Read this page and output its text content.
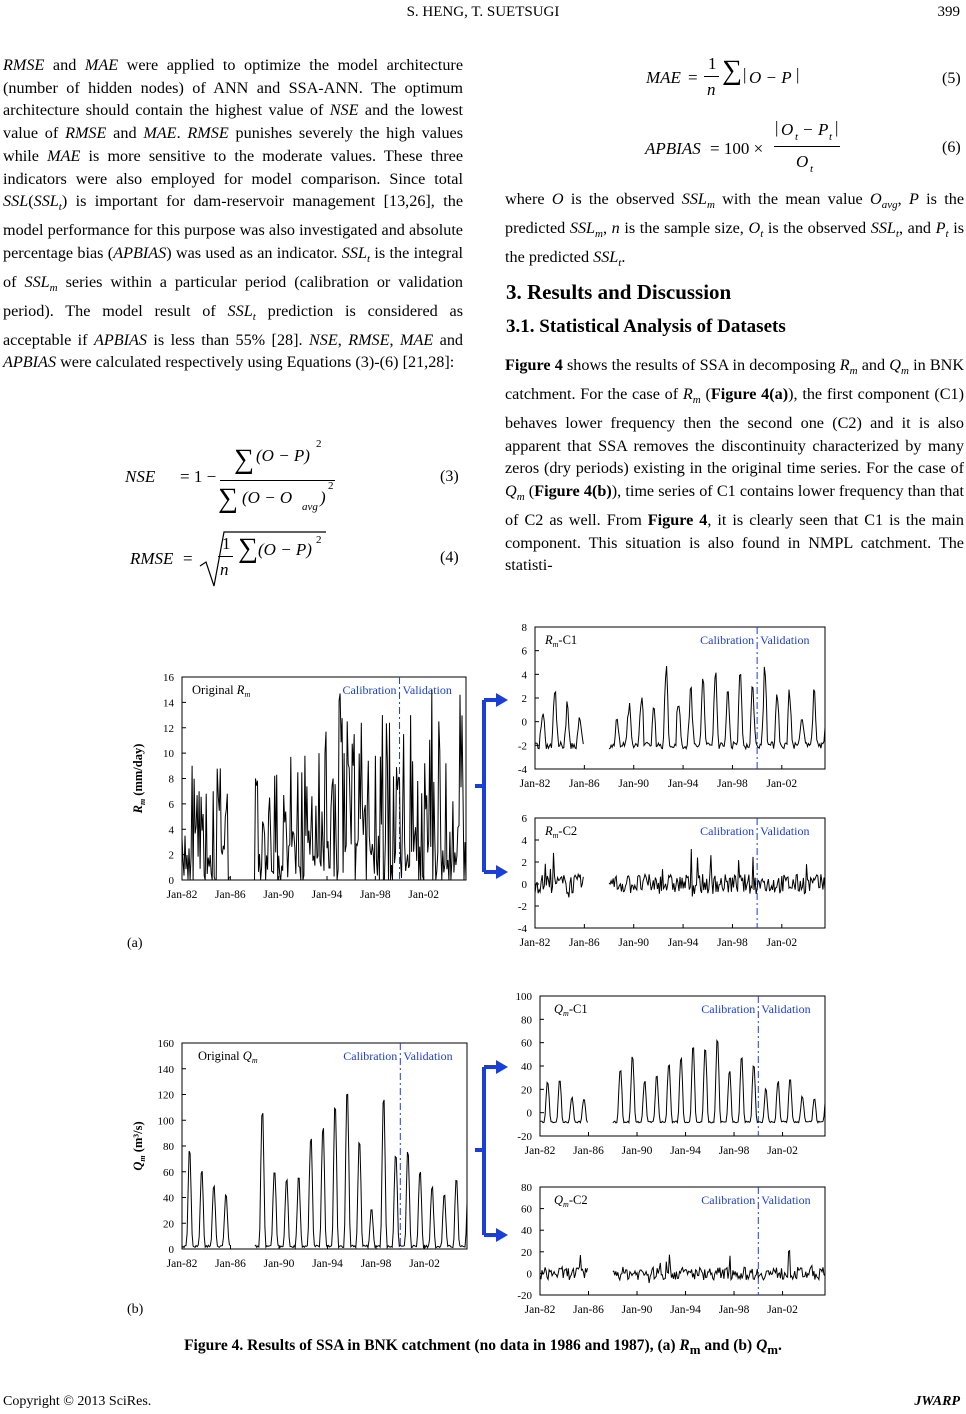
S. HENG, T. SUETSUGI	399

RMSE and MAE were applied to optimize the model architecture (number of hidden nodes) of ANN and SSA-ANN. The optimum architecture should contain the highest value of NSE and the lowest value of RMSE and MAE. RMSE punishes severely the high values while MAE is more sensitive to the moderate values. These three indicators were also employed for model comparison. Since total $SSL(SSL_t)$ is important for dam-reservoir management [13,26], the model performance for this purpose was also investigated and absolute percentage bias (APBIAS) was used as an indicator. $SSL_t$ is the integral of $SSL_m$ series within a particular period (calibration or validation period). The model result of $SSL_t$ prediction is considered as acceptable if APBIAS is less than 55% [28]. NSE, RMSE, MAE and APBIAS were calculated respectively using Equations (3)-(6) [21,28]:

NSE = 1 −
∑ (O − P)
2
∑ (O − O avg )
2
(3)
RMSE =
1
n
∑ (O − P) 2
(4)
MAE =
1
n
∑ | O − P |	(5)
APBIAS = 100 ×
| O t − P t |
O t
(6)

where O is the observed $SSL_m$ with the mean value $O_{avg}$, P is the predicted $SSL_m$, n is the sample size, $O_t$ is the observed $SSL_t$, and $P_t$ is the predicted $SSL_t$.

3. Results and Discussion
3.1. Statistical Analysis of Datasets

Figure 4 shows the results of SSA in decomposing $R_m$ and $Q_m$ in BNK catchment. For the case of $R_m$ (Figure 4(a)), the first component (C1) behaves lower frequency then the second one (C2) and it is also apparent that SSA removes the discontinuity characterized by many zeros (dry periods) existing in the original time series. For the case of $Q_m$ (Figure 4(b)), time series of C1 contains lower frequency than that of C2 as well. From Figure 4, it is clearly seen that C1 is the main component. This situation is also found in NMPL catchment. The statisti-

0
2
4
6
8
10
12
14
16
Jan-82 Jan-86 Jan-90 Jan-94 Jan-98 Jan-02
Calibration Validation
Original $R_m$
$R_m$ (mm/day)	-4
-2
0
2
4
6
8
Jan-82 Jan-86 Jan-90 Jan-94 Jan-98 Jan-02
Calibration Validation
$R_m-C1$
-4
-2
0
2
4
6
Jan-82 Jan-86 Jan-90 Jan-94 Jan-98 Jan-02
Calibration Validation
$R_m-C2$
0
20
40
60
80
100
120
140
160
Jan-82 Jan-86 Jan-90 Jan-94 Jan-98 Jan-02
Calibration Validation
Original $Q_m$
$Q_m$ (m³/s)	-20
0
20
40
60
80
100
Jan-82 Jan-86 Jan-90 Jan-94 Jan-98 Jan-02
Calibration Validation
$Q_m-C1$
-20
0
20
40
60
80
Jan-82 Jan-86 Jan-90 Jan-94 Jan-98 Jan-02
Calibration Validation
$Q_m-C2$
(a)
(b)
Figure 4. Results of SSA in BNK catchment (no data in 1986 and 1987), (a) $R_m$ and (b) $Q_m$.
Copyright © 2013 SciRes.	JWARP
